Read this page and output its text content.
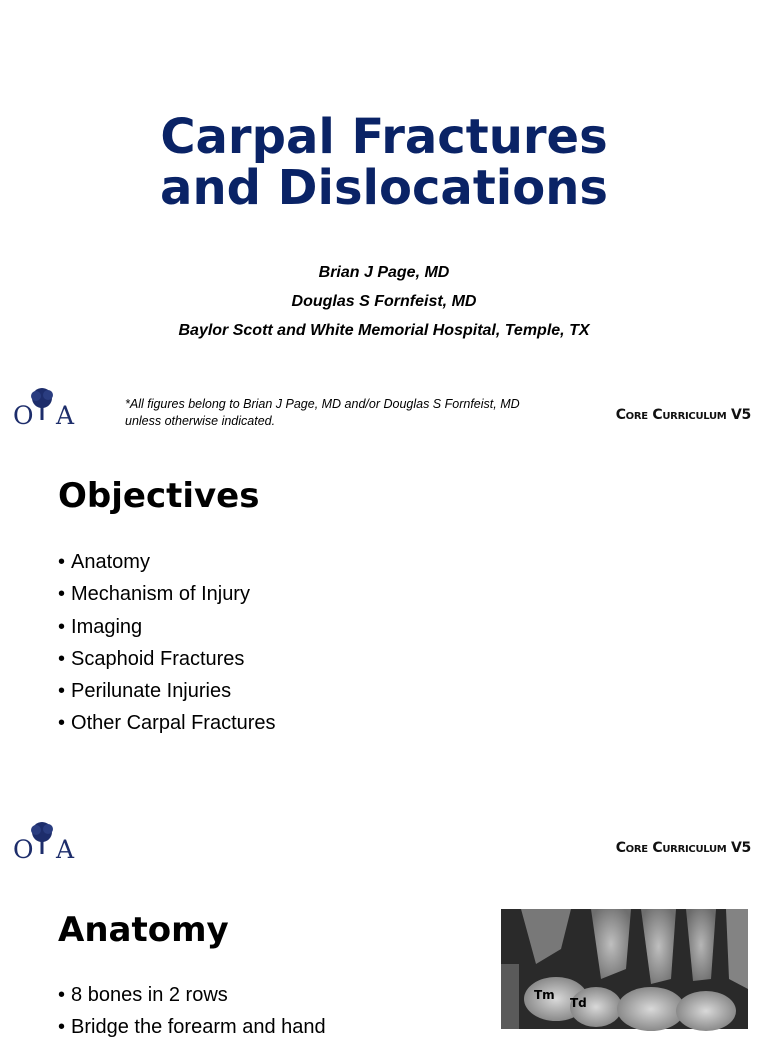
Carpal Fractures
and Dislocations
Brian J Page, MD
Douglas S Fornfeist, MD
Baylor Scott and White Memorial Hospital, Temple, TX
O A	*All figures belong to Brian J Page, MD and/or Douglas S Fornfeist, MD
unless otherwise indicated.	Core Curriculum V5
Objectives
• Anatomy
• Mechanism of Injury
• Imaging
• Scaphoid Fractures
• Perilunate Injuries
• Other Carpal Fractures
O A	Core Curriculum V5
Anatomy
• 8 bones in 2 rows
• Bridge the forearm and hand
Tm
Td
